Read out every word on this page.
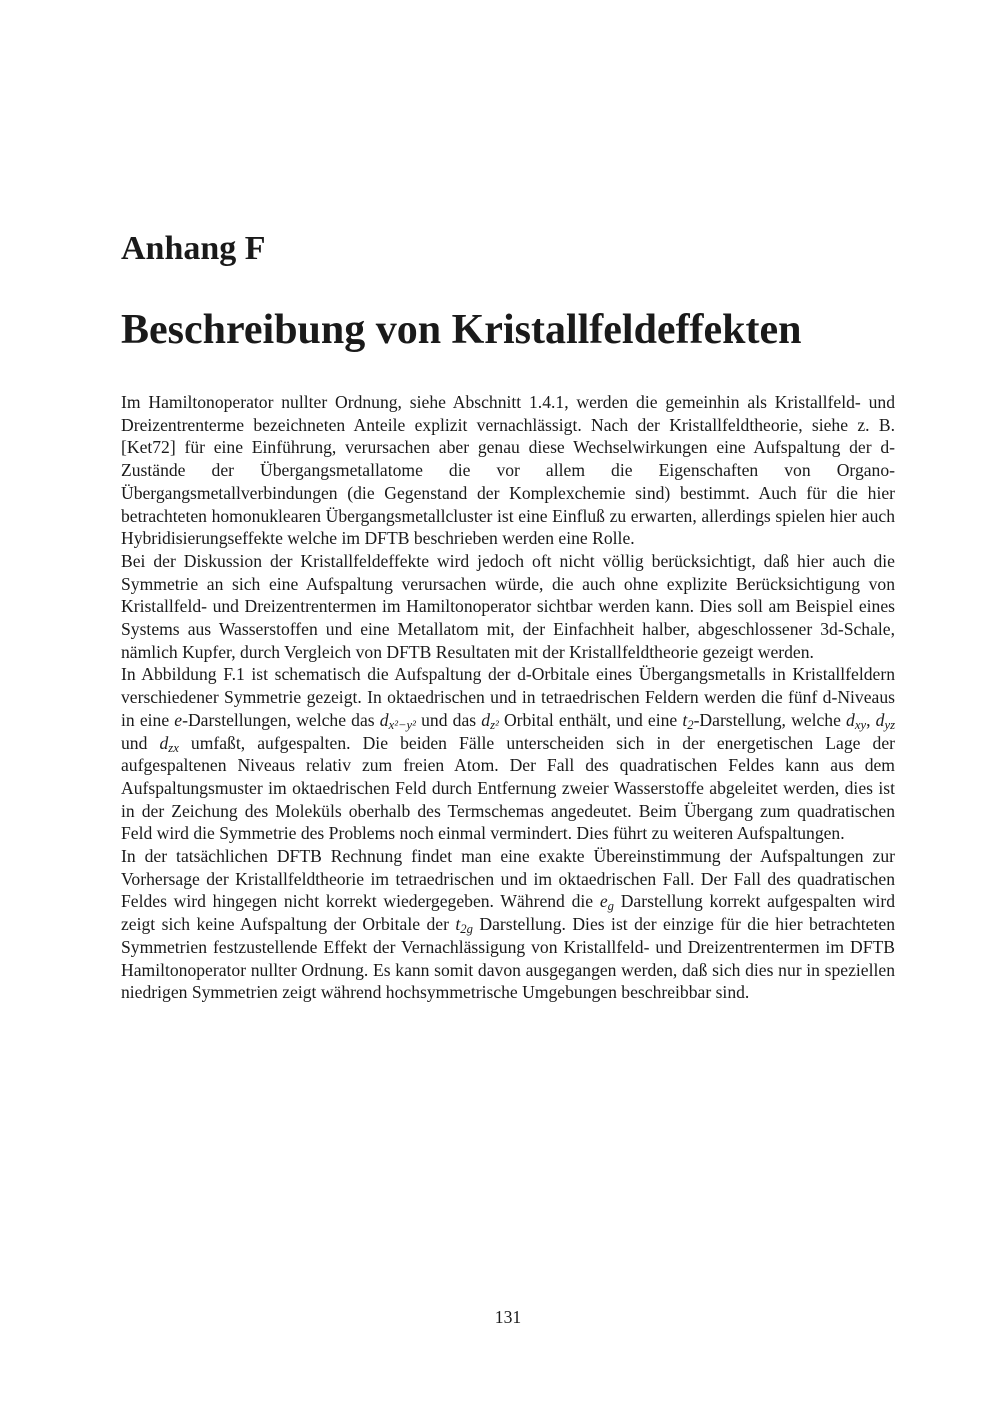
Anhang F
Beschreibung von Kristallfeldeffekten

Im Hamiltonoperator nullter Ordnung, siehe Abschnitt 1.4.1, werden die gemeinhin als Kristallfeld- und Dreizentrenterme bezeichneten Anteile explizit vernachlässigt. Nach der Kristallfeldtheorie, siehe z. B. [Ket72] für eine Einführung, verursachen aber genau diese Wechselwirkungen eine Aufspaltung der d-Zustände der Übergangsmetallatome die vor allem die Eigenschaften von Organo-Übergangsmetallverbindungen (die Gegenstand der Komplexchemie sind) bestimmt. Auch für die hier betrachteten homonuklearen Übergangsmetallcluster ist eine Einfluß zu erwarten, allerdings spielen hier auch Hybridisierungseffekte welche im DFTB beschrieben werden eine Rolle.

Bei der Diskussion der Kristallfeldeffekte wird jedoch oft nicht völlig berücksichtigt, daß hier auch die Symmetrie an sich eine Aufspaltung verursachen würde, die auch ohne explizite Berücksichtigung von Kristallfeld- und Dreizentrentermen im Hamiltonoperator sichtbar werden kann. Dies soll am Beispiel eines Systems aus Wasserstoffen und eine Metallatom mit, der Einfachheit halber, abgeschlossener 3d-Schale, nämlich Kupfer, durch Vergleich von DFTB Resultaten mit der Kristallfeldtheorie gezeigt werden.

In Abbildung F.1 ist schematisch die Aufspaltung der d-Orbitale eines Übergangsmetalls in Kristallfeldern verschiedener Symmetrie gezeigt. In oktaedrischen und in tetraedrischen Feldern werden die fünf d-Niveaus in eine e-Darstellungen, welche das $d_{x^2-y^2}$ und das $d_{z^2}$ Orbital enthält, und eine $t_2$-Darstellung, welche $d_{xy}$, $d_{yz}$ und $d_{zx}$ umfaßt, aufgespalten. Die beiden Fälle unterscheiden sich in der energetischen Lage der aufgespaltenen Niveaus relativ zum freien Atom. Der Fall des quadratischen Feldes kann aus dem Aufspaltungsmuster im oktaedrischen Feld durch Entfernung zweier Wasserstoffe abgeleitet werden, dies ist in der Zeichung des Moleküls oberhalb des Termschemas angedeutet. Beim Übergang zum quadratischen Feld wird die Symmetrie des Problems noch einmal vermindert. Dies führt zu weiteren Aufspaltungen.

In der tatsächlichen DFTB Rechnung findet man eine exakte Übereinstimmung der Aufspaltungen zur Vorhersage der Kristallfeldtheorie im tetraedrischen und im oktaedrischen Fall. Der Fall des quadratischen Feldes wird hingegen nicht korrekt wiedergegeben. Während die $e_g$ Darstellung korrekt aufgespalten wird zeigt sich keine Aufspaltung der Orbitale der $t_{2g}$ Darstellung. Dies ist der einzige für die hier betrachteten Symmetrien festzustellende Effekt der Vernachlässigung von Kristallfeld- und Dreizentrentermen im DFTB Hamiltonoperator nullter Ordnung. Es kann somit davon ausgegangen werden, daß sich dies nur in speziellen niedrigen Symmetrien zeigt während hochsymmetrische Umgebungen beschreibbar sind.

131
